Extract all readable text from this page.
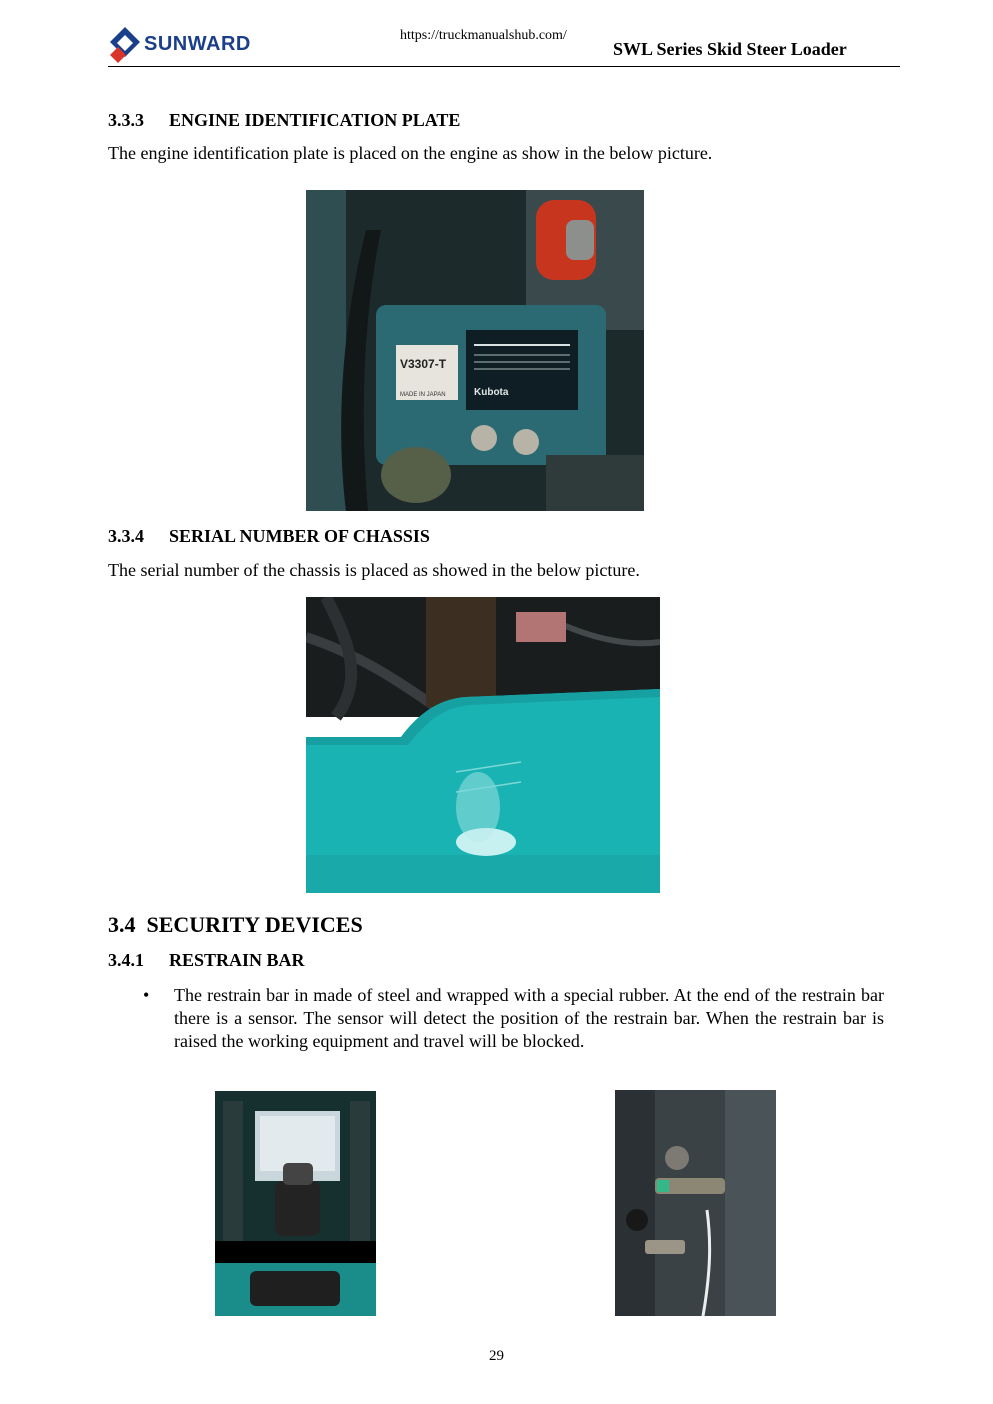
SUNWARD	https://truckmanualshub.com/
SWL Series Skid Steer Loader
3.3.3 ENGINE IDENTIFICATION PLATE
The engine identification plate is placed on the engine as show in the below picture.
Kubota
V3307-T
MADE IN JAPAN
3.3.4 SERIAL NUMBER OF CHASSIS
The serial number of the chassis is placed as showed in the below picture.
3.4 SECURITY DEVICES
3.4.1 RESTRAIN BAR
•	The restrain bar in made of steel and wrapped with a special rubber. At the end of the restrain bar there is a sensor. The sensor will detect the position of the restrain bar. When the restrain bar is raised the working equipment and travel will be blocked.
29
